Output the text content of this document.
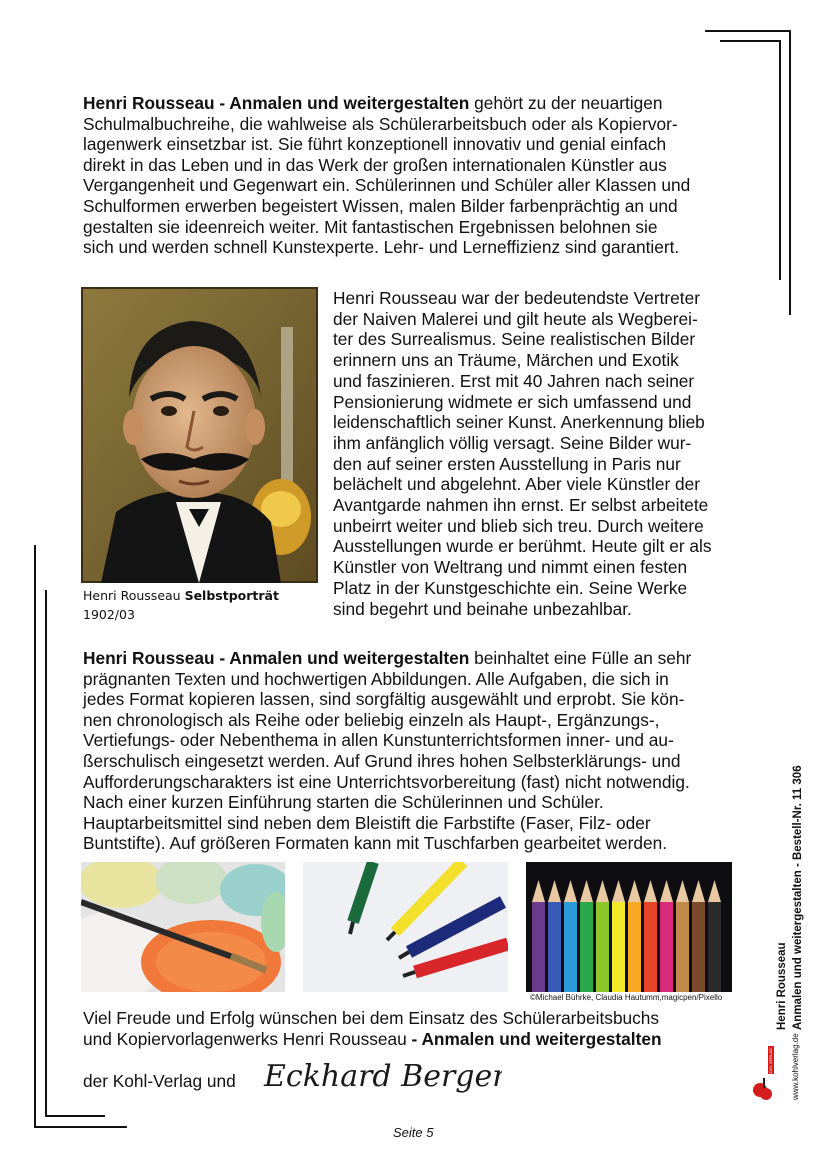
Henri Rousseau - Anmalen und weitergestalten gehört zu der neuartigen
Schulmalbuchreihe, die wahlweise als Schülerarbeitsbuch oder als Kopiervor-
lagenwerk einsetzbar ist. Sie führt konzeptionell innovativ und genial einfach
direkt in das Leben und in das Werk der großen internationalen Künstler aus
Vergangenheit und Gegenwart ein. Schülerinnen und Schüler aller Klassen und
Schulformen erwerben begeistert Wissen, malen Bilder farbenprächtig an und
gestalten sie ideenreich weiter. Mit fantastischen Ergebnissen belohnen sie
sich und werden schnell Kunstexperte. Lehr- und Lerneffizienz sind garantiert.
Henri Rousseau Selbstporträt
1902/03
Henri Rousseau war der bedeutendste Vertreter
der Naiven Malerei und gilt heute als Wegberei-
ter des Surrealismus. Seine realistischen Bilder
erinnern uns an Träume, Märchen und Exotik
und faszinieren. Erst mit 40 Jahren nach seiner
Pensionierung widmete er sich umfassend und
leidenschaftlich seiner Kunst. Anerkennung blieb
ihm anfänglich völlig versagt. Seine Bilder wur-
den auf seiner ersten Ausstellung in Paris nur
belächelt und abgelehnt. Aber viele Künstler der
Avantgarde nahmen ihn ernst. Er selbst arbeitete
unbeirrt weiter und blieb sich treu. Durch weitere
Ausstellungen wurde er berühmt. Heute gilt er als
Künstler von Weltrang und nimmt einen festen
Platz in der Kunstgeschichte ein. Seine Werke
sind begehrt und beinahe unbezahlbar.
Henri Rousseau - Anmalen und weitergestalten beinhaltet eine Fülle an sehr
prägnanten Texten und hochwertigen Abbildungen. Alle Aufgaben, die sich in
jedes Format kopieren lassen, sind sorgfältig ausgewählt und erprobt. Sie kön-
nen chronologisch als Reihe oder beliebig einzeln als Haupt-, Ergänzungs-,
Vertiefungs- oder Nebenthema in allen Kunstunterrichtsformen inner- und au-
ßerschulisch eingesetzt werden. Auf Grund ihres hohen Selbsterklärungs- und
Aufforderungscharakters ist eine Unterrichtsvorbereitung (fast) nicht notwendig.
Nach einer kurzen Einführung starten die Schülerinnen und Schüler.
Hauptarbeitsmittel sind neben dem Bleistift die Farbstifte (Faser, Filz- oder
Buntstifte). Auf größeren Formaten kann mit Tuschfarben gearbeitet werden.
©Michael Bührke, Claudia Hautumm,magicpen/Pixello
Viel Freude und Erfolg wünschen bei dem Einsatz des Schülerarbeitsbuchs
und Kopiervorlagenwerks Henri Rousseau - Anmalen und weitergestalten
der Kohl-Verlag und Eckhard Berger
Henri Rousseau Anmalen und weitergestalten - Bestell-Nr. 11 306
www.kohlverlag.de
KOHL VERLAG
Seite 5
